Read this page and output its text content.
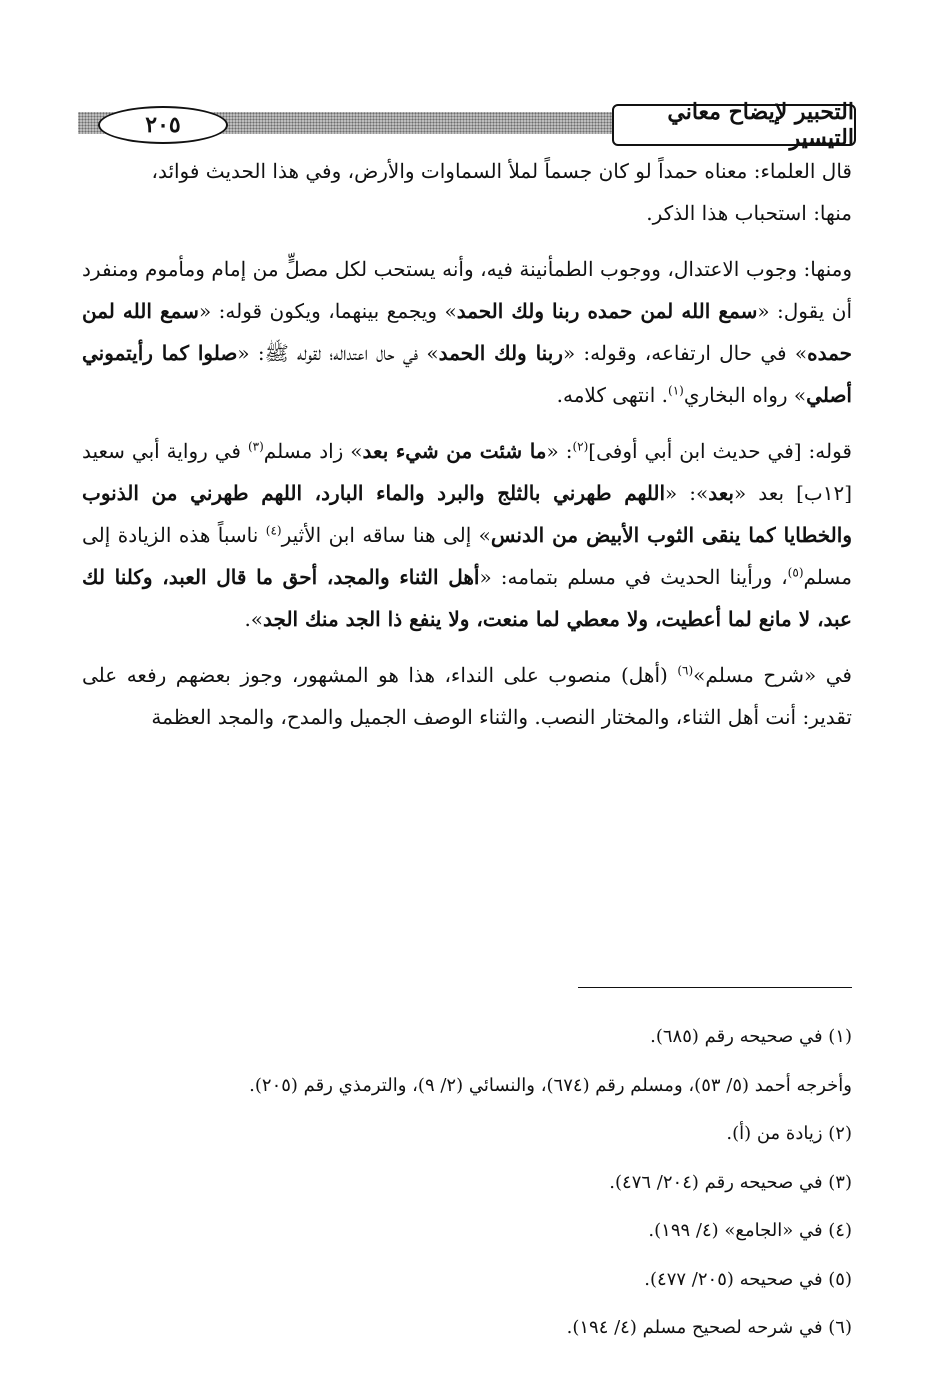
٢٠٥	التحبير لإيضاح معاني التيسير
قال العلماء: معناه حمداً لو كان جسماً لملأ السماوات والأرض، وفي هذا الحديث فوائد،
منها: استحباب هذا الذكر.
ومنها: وجوب الاعتدال، ووجوب الطمأنينة فيه، وأنه يستحب لكل مصلٍّ من إمام ومأموم ومنفرد أن يقول: «سمع الله لمن حمده ربنا ولك الحمد» ويجمع بينهما، ويكون قوله: «سمع الله لمن حمده» في حال ارتفاعه، وقوله: «ربنا ولك الحمد» في حال اعتداله؛ لقوله ﷺ: «صلوا كما رأيتموني أصلي» رواه البخاري$^{(١)}$. انتهى كلامه.
قوله: [في حديث ابن أبي أوفى]$^{(٢)}$: «ما شئت من شيء بعد» زاد مسلم$^{(٣)}$ في رواية أبي سعيد [١٢ب] بعد «بعد»: «اللهم طهرني بالثلج والبرد والماء البارد، اللهم طهرني من الذنوب والخطايا كما ينقى الثوب الأبيض من الدنس» إلى هنا ساقه ابن الأثير$^{(٤)}$ ناسباً هذه الزيادة إلى مسلم$^{(٥)}$، ورأينا الحديث في مسلم بتمامه: «أهل الثناء والمجد، أحق ما قال العبد، وكلنا لك عبد، لا مانع لما أعطيت، ولا معطي لما منعت، ولا ينفع ذا الجد منك الجد».
في «شرح مسلم»$^{(٦)}$ (أهل) منصوب على النداء، هذا هو المشهور، وجوز بعضهم رفعه على تقدير: أنت أهل الثناء، والمختار النصب. والثناء الوصف الجميل والمدح، والمجد العظمة
(١) في صحيحه رقم (٦٨٥).
وأخرجه أحمد (٥/ ٥٣)، ومسلم رقم (٦٧٤)، والنسائي (٢/ ٩)، والترمذي رقم (٢٠٥).
(٢) زيادة من (أ).
(٣) في صحيحه رقم (٢٠٤/ ٤٧٦).
(٤) في «الجامع» (٤/ ١٩٩).
(٥) في صحيحه (٢٠٥/ ٤٧٧).
(٦) في شرحه لصحيح مسلم (٤/ ١٩٤).
